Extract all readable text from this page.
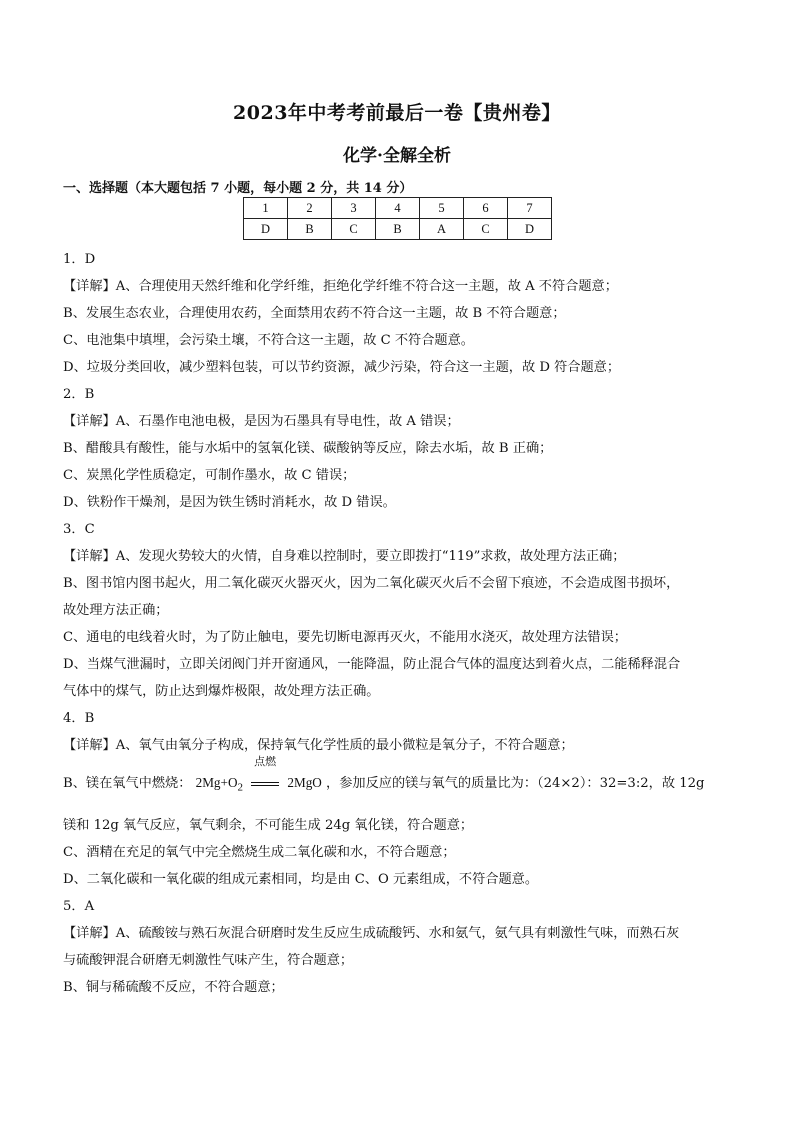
2023年中考考前最后一卷【贵州卷】
化学·全解全析
一、选择题（本大题包括 7 小题，每小题 2 分，共 14 分）
1	2	3	4	5	6	7
D	B	C	B	A	C	D
1．D
【详解】A、合理使用天然纤维和化学纤维，拒绝化学纤维不符合这一主题，故 A 不符合题意；
B、发展生态农业，合理使用农药，全面禁用农药不符合这一主题，故 B 不符合题意；
C、电池集中填埋，会污染土壤，不符合这一主题，故 C 不符合题意。
D、垃圾分类回收，减少塑料包装，可以节约资源，减少污染，符合这一主题，故 D 符合题意；
2．B
【详解】A、石墨作电池电极，是因为石墨具有导电性，故 A 错误；
B、醋酸具有酸性，能与水垢中的氢氧化镁、碳酸钠等反应，除去水垢，故 B 正确；
C、炭黑化学性质稳定，可制作墨水，故 C 错误；
D、铁粉作干燥剂，是因为铁生锈时消耗水，故 D 错误。
3．C
【详解】A、发现火势较大的火情，自身难以控制时，要立即拨打“119”求救，故处理方法正确；
B、图书馆内图书起火，用二氧化碳灭火器灭火，因为二氧化碳灭火后不会留下痕迹，不会造成图书损坏，
故处理方法正确；
C、通电的电线着火时，为了防止触电，要先切断电源再灭火，不能用水浇灭，故处理方法错误；
D、当煤气泄漏时，立即关闭阀门并开窗通风，一能降温，防止混合气体的温度达到着火点，二能稀释混合
气体中的煤气，防止达到爆炸极限，故处理方法正确。
4．B
【详解】A、氧气由氧分子构成，保持氧气化学性质的最小微粒是氧分子，不符合题意；
B、镁在氧气中燃烧： $2Mg+O_2$
点燃
2MgO ，参加反应的镁与氧气的质量比为：（24×2）：32=3:2，故 12g
镁和 12g 氧气反应，氧气剩余，不可能生成 24g 氧化镁，符合题意；
C、酒精在充足的氧气中完全燃烧生成二氧化碳和水，不符合题意；
D、二氧化碳和一氧化碳的组成元素相同，均是由 C、O 元素组成，不符合题意。
5．A
【详解】A、硫酸铵与熟石灰混合研磨时发生反应生成硫酸钙、水和氨气，氨气具有刺激性气味，而熟石灰
与硫酸钾混合研磨无刺激性气味产生，符合题意；
B、铜与稀硫酸不反应，不符合题意；
